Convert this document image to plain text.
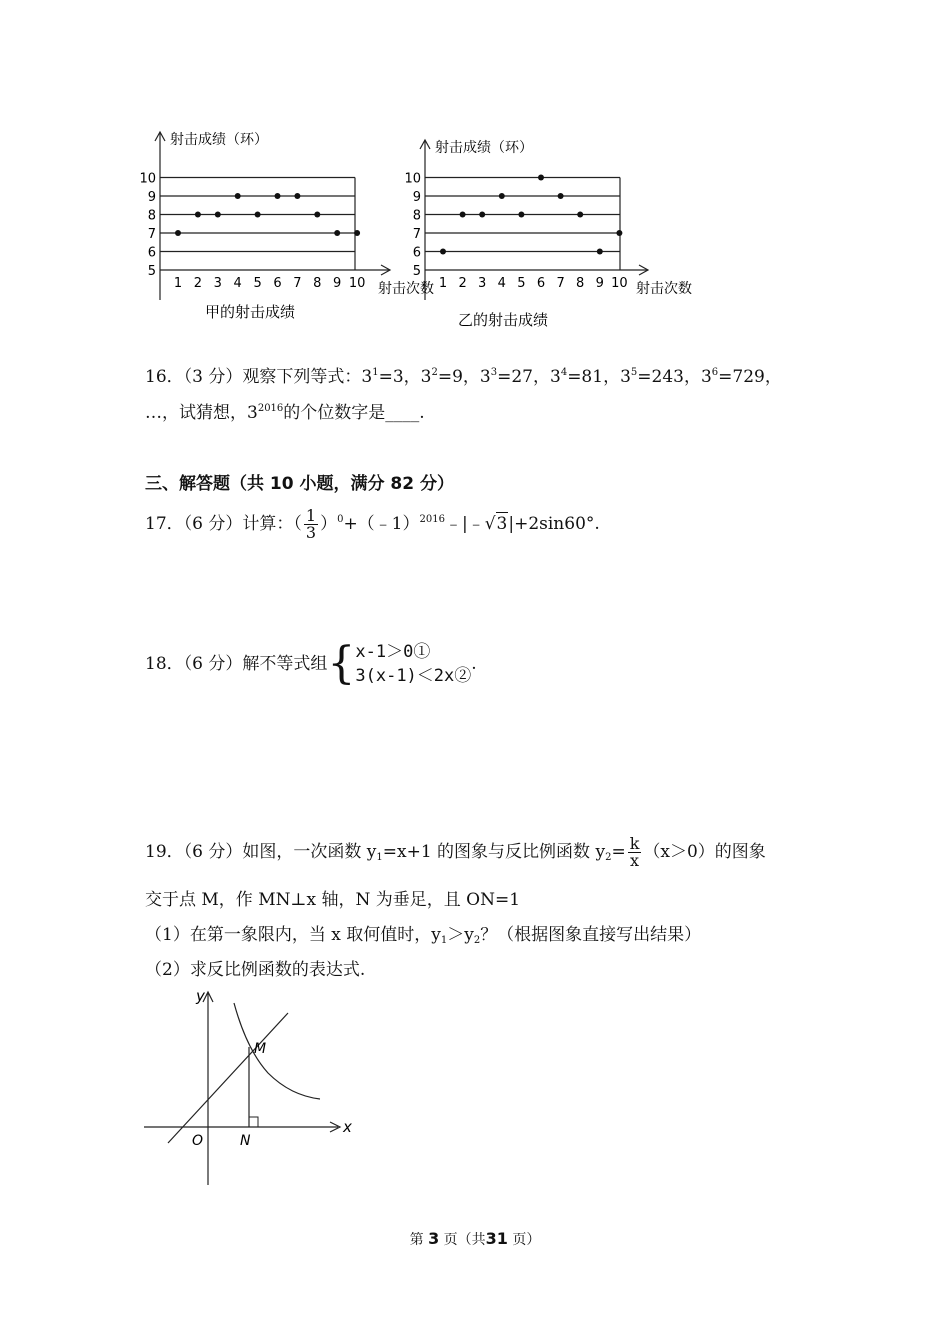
5
6
7
8
9
10
1 2 3 4 5 6 7 8 9 10
射击成绩（环）
射击次数
甲的射击成绩
5
6
7
8
9
10
1 2 3 4 5 6 7 8 9 10
射击成绩（环）
射击次数
乙的射击成绩
16．（3 分）观察下列等式：$3^1=3$，$3^2=9$，$3^3=27$，$3^4=81$，$3^5=243$，$3^6=729$，
…，试猜想，$3^{2016}$的个位数字是____.
三、解答题（共 10 小题，满分 82 分）
17．（6 分）计算：（ $\frac{1}{3}$ ）$^0$+（﹣1）$^{2016}$﹣|﹣√3|+2sin60°.
18．（6 分）解不等式组{ x-1＞0①
3(x-1)＜2x②
.
19．（6 分）如图，一次函数 $y_1=x+1$ 的图象与反比例函数 $y_2= \frac{k}{x} (x>0)$的图象
交于点 M，作 MN⊥x 轴，N 为垂足，且 ON=1
（1）在第一象限内，当 x 取何值时，$y_1>y_2$？（根据图象直接写出结果）
（2）求反比例函数的表达式.
y
x
O	N
M
第 3 页（共31 页）
